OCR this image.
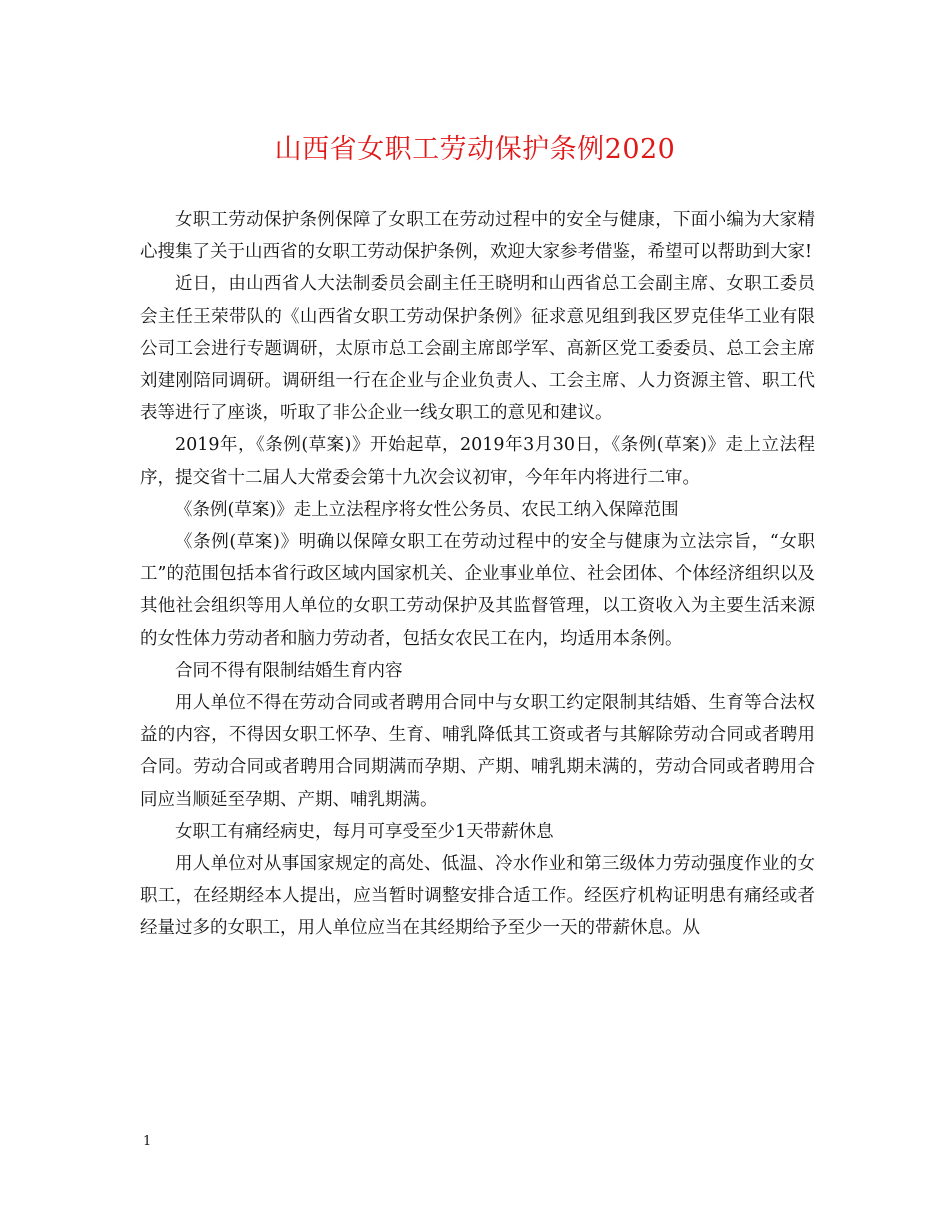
山西省女职工劳动保护条例2020

女职工劳动保护条例保障了女职工在劳动过程中的安全与健康，下面小编为大家精心搜集了关于山西省的女职工劳动保护条例，欢迎大家参考借鉴，希望可以帮助到大家!

近日，由山西省人大法制委员会副主任王晓明和山西省总工会副主席、女职工委员会主任王荣带队的《山西省女职工劳动保护条例》征求意见组到我区罗克佳华工业有限公司工会进行专题调研，太原市总工会副主席郎学军、高新区党工委委员、总工会主席刘建刚陪同调研。调研组一行在企业与企业负责人、工会主席、人力资源主管、职工代表等进行了座谈，听取了非公企业一线女职工的意见和建议。

2019年，《条例(草案)》开始起草，2019年3月30日，《条例(草案)》走上立法程序，提交省十二届人大常委会第十九次会议初审，今年年内将进行二审。

《条例(草案)》走上立法程序将女性公务员、农民工纳入保障范围

《条例(草案)》明确以保障女职工在劳动过程中的安全与健康为立法宗旨，“女职工”的范围包括本省行政区域内国家机关、企业事业单位、社会团体、个体经济组织以及其他社会组织等用人单位的女职工劳动保护及其监督管理，以工资收入为主要生活来源的女性体力劳动者和脑力劳动者，包括女农民工在内，均适用本条例。

合同不得有限制结婚生育内容

用人单位不得在劳动合同或者聘用合同中与女职工约定限制其结婚、生育等合法权益的内容，不得因女职工怀孕、生育、哺乳降低其工资或者与其解除劳动合同或者聘用合同。劳动合同或者聘用合同期满而孕期、产期、哺乳期未满的，劳动合同或者聘用合同应当顺延至孕期、产期、哺乳期满。

女职工有痛经病史，每月可享受至少1天带薪休息

用人单位对从事国家规定的高处、低温、冷水作业和第三级体力劳动强度作业的女职工，在经期经本人提出，应当暂时调整安排合适工作。经医疗机构证明患有痛经或者经量过多的女职工，用人单位应当在其经期给予至少一天的带薪休息。从

1
